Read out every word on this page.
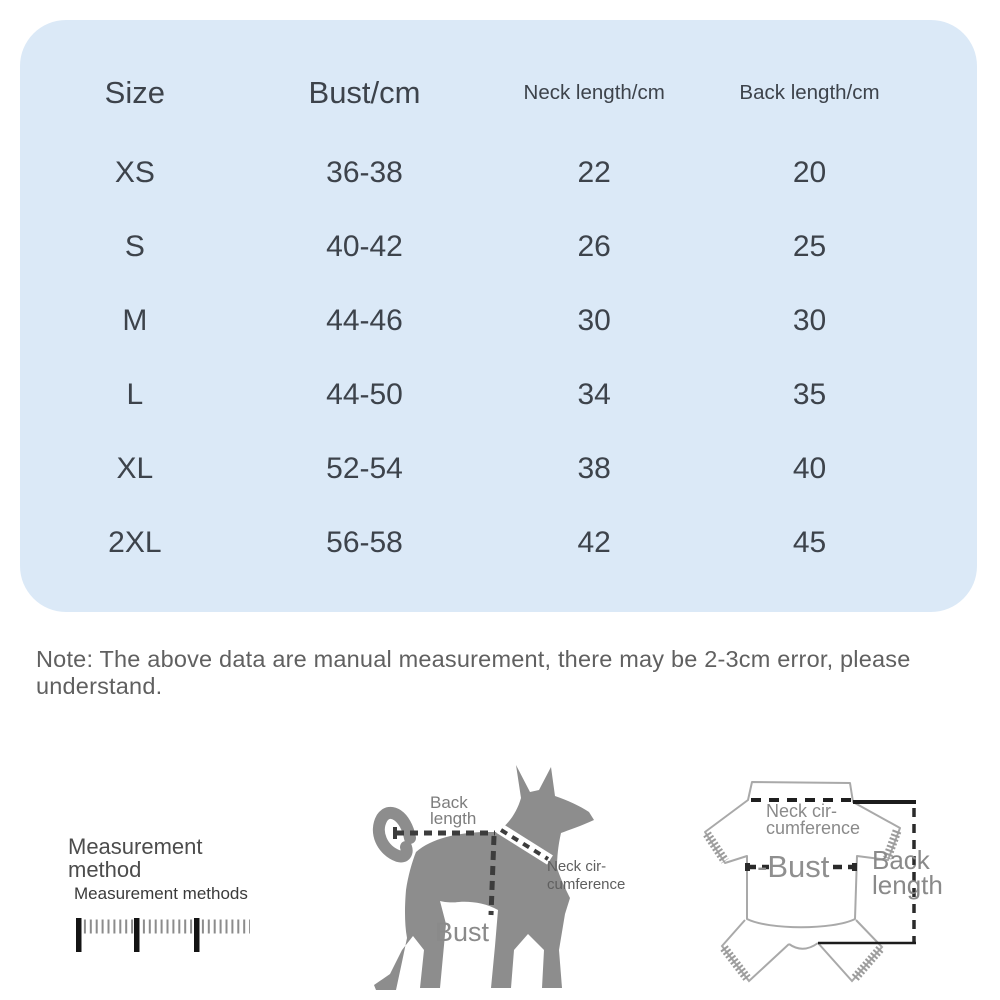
Size	Bust/cm	Neck length/cm	Back length/cm	
XS	36-38	22	20	
S	40-42	26	25	
M	44-46	30	30	
L	44-50	34	35	
XL	52-54	38	40	
2XL	56-58	42	45	

Note: The above data are manual measurement, there may be 2-3cm error, please understand.

Measurement method
Measurement methods

Back
length

Neck cir-
cumference

Bust

Neck cir-
cumference

-Bust Back
length
